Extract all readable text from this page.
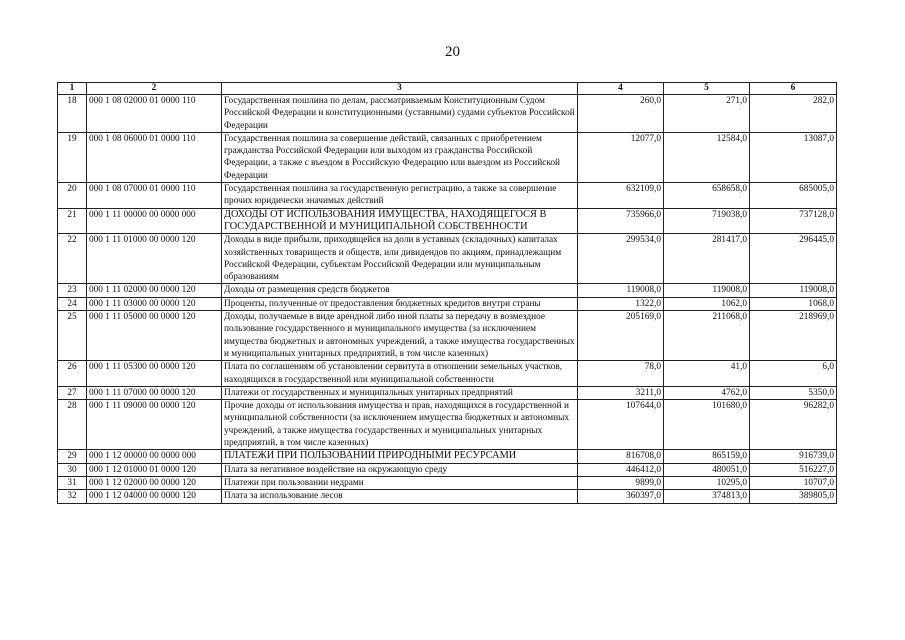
20
1	2	3	4	5	6
18	000 1 08 02000 01 0000 110	Государственная пошлина по делам, рассматриваемым Конституционным Судом Российской Федерации и конституционными (уставными) судами субъектов Российской Федерации	260,0	271,0	282,0
19	000 1 08 06000 01 0000 110	Государственная пошлина за совершение действий, связанных с приобретением гражданства Российской Федерации или выходом из гражданства Российской Федерации, а также с въездом в Российскую Федерацию или выездом из Российской Федерации	12077,0	12584,0	13087,0
20	000 1 08 07000 01 0000 110	Государственная пошлина за государственную регистрацию, а также за совершение прочих юридически значимых действий	632109,0	658658,0	685005,0
21	000 1 11 00000 00 0000 000	ДОХОДЫ ОТ ИСПОЛЬЗОВАНИЯ ИМУЩЕСТВА, НАХОДЯЩЕГОСЯ В ГОСУДАРСТВЕННОЙ И МУНИЦИПАЛЬНОЙ СОБСТВЕННОСТИ	735966,0	719038,0	737128,0
22	000 1 11 01000 00 0000 120	Доходы в виде прибыли, приходящейся на доли в уставных (складочных) капиталах хозяйственных товариществ и обществ, или дивидендов по акциям, принадлежащим Российской Федерации, субъектам Российской Федерации или муниципальным образованиям	299534,0	281417,0	296445,0
23	000 1 11 02000 00 0000 120	Доходы от размещения средств бюджетов	119008,0	119008,0	119008,0
24	000 1 11 03000 00 0000 120	Проценты, полученные от предоставления бюджетных кредитов внутри страны	1322,0	1062,0	1068,0
25	000 1 11 05000 00 0000 120	Доходы, получаемые в виде арендной либо иной платы за передачу в возмездное пользование государственного и муниципального имущества (за исключением имущества бюджетных и автономных учреждений, а также имущества государственных и муниципальных унитарных предприятий, в том числе казенных)	205169,0	211068,0	218969,0
26	000 1 11 05300 00 0000 120	Плата по соглашениям об установлении сервитута в отношении земельных участков, находящихся в государственной или муниципальной собственности	78,0	41,0	6,0
27	000 1 11 07000 00 0000 120	Платежи от государственных и муниципальных унитарных предприятий	3211,0	4762,0	5350,0
28	000 1 11 09000 00 0000 120	Прочие доходы от использования имущества и прав, находящихся в государственной и муниципальной собственности (за исключением имущества бюджетных и автономных учреждений, а также имущества государственных и муниципальных унитарных предприятий, в том числе казенных)	107644,0	101680,0	96282,0
29	000 1 12 00000 00 0000 000	ПЛАТЕЖИ ПРИ ПОЛЬЗОВАНИИ ПРИРОДНЫМИ РЕСУРСАМИ	816708,0	865159,0	916739,0
30	000 1 12 01000 01 0000 120	Плата за негативное воздействие на окружающую среду	446412,0	480051,0	516227,0
31	000 1 12 02000 00 0000 120	Платежи при пользовании недрами	9899,0	10295,0	10707,0
32	000 1 12 04000 00 0000 120	Плата за использование лесов	360397,0	374813,0	389805,0
